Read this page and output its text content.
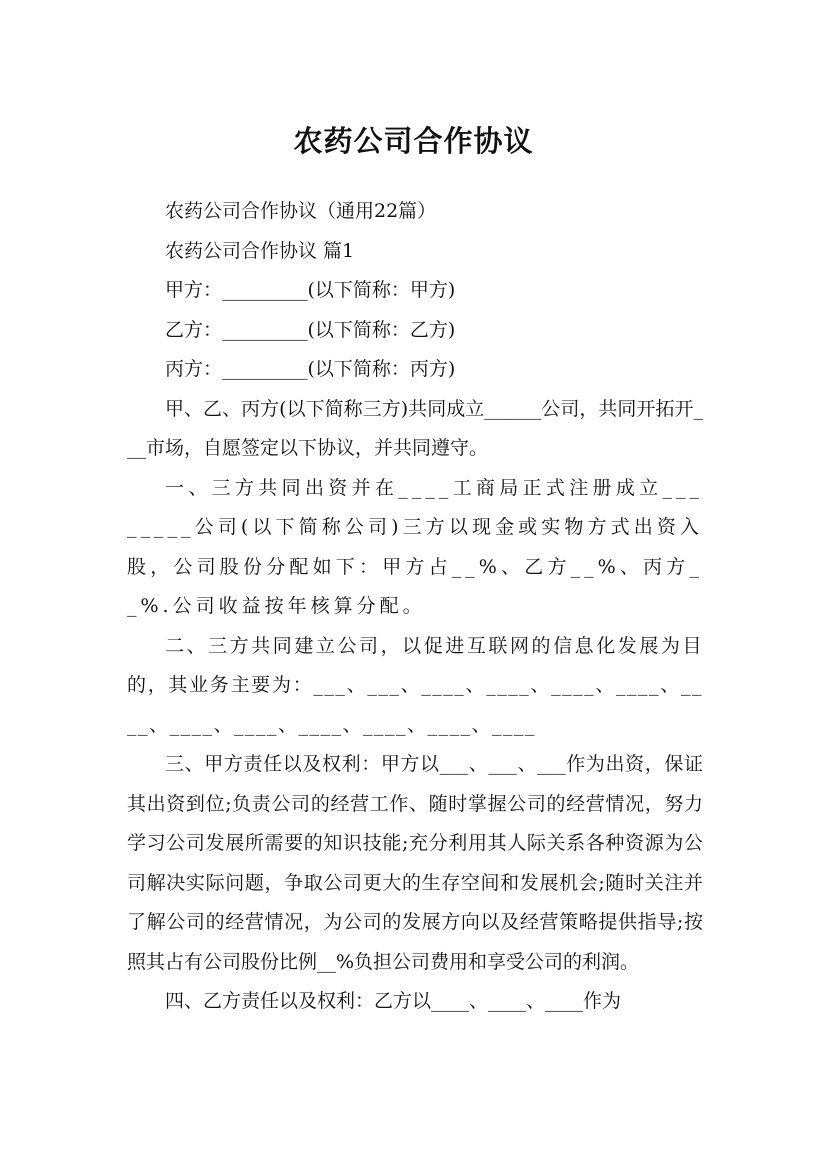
农药公司合作协议

农药公司合作协议（通用22篇）

农药公司合作协议 篇1

甲方：_________(以下简称：甲方)

乙方：_________(以下简称：乙方)

丙方：_________(以下简称：丙方)

甲、乙、丙方(以下简称三方)共同成立______公司，共同开拓开___市场，自愿签定以下协议，并共同遵守。

一、三方共同出资并在____工商局正式注册成立________公司(以下简称公司)三方以现金或实物方式出资入股，公司股份分配如下：甲方占__%、乙方__%、丙方__%.公司收益按年核算分配。

二、三方共同建立公司，以促进互联网的信息化发展为目的，其业务主要为：___、___、____、____、____、____、____、____、____、____、____、____、____

三、甲方责任以及权利：甲方以___、___、___作为出资，保证其出资到位;负责公司的经营工作、随时掌握公司的经营情况，努力学习公司发展所需要的知识技能;充分利用其人际关系各种资源为公司解决实际问题，争取公司更大的生存空间和发展机会;随时关注并了解公司的经营情况，为公司的发展方向以及经营策略提供指导;按照其占有公司股份比例__%负担公司费用和享受公司的利润。

四、乙方责任以及权利：乙方以____、____、____作为
